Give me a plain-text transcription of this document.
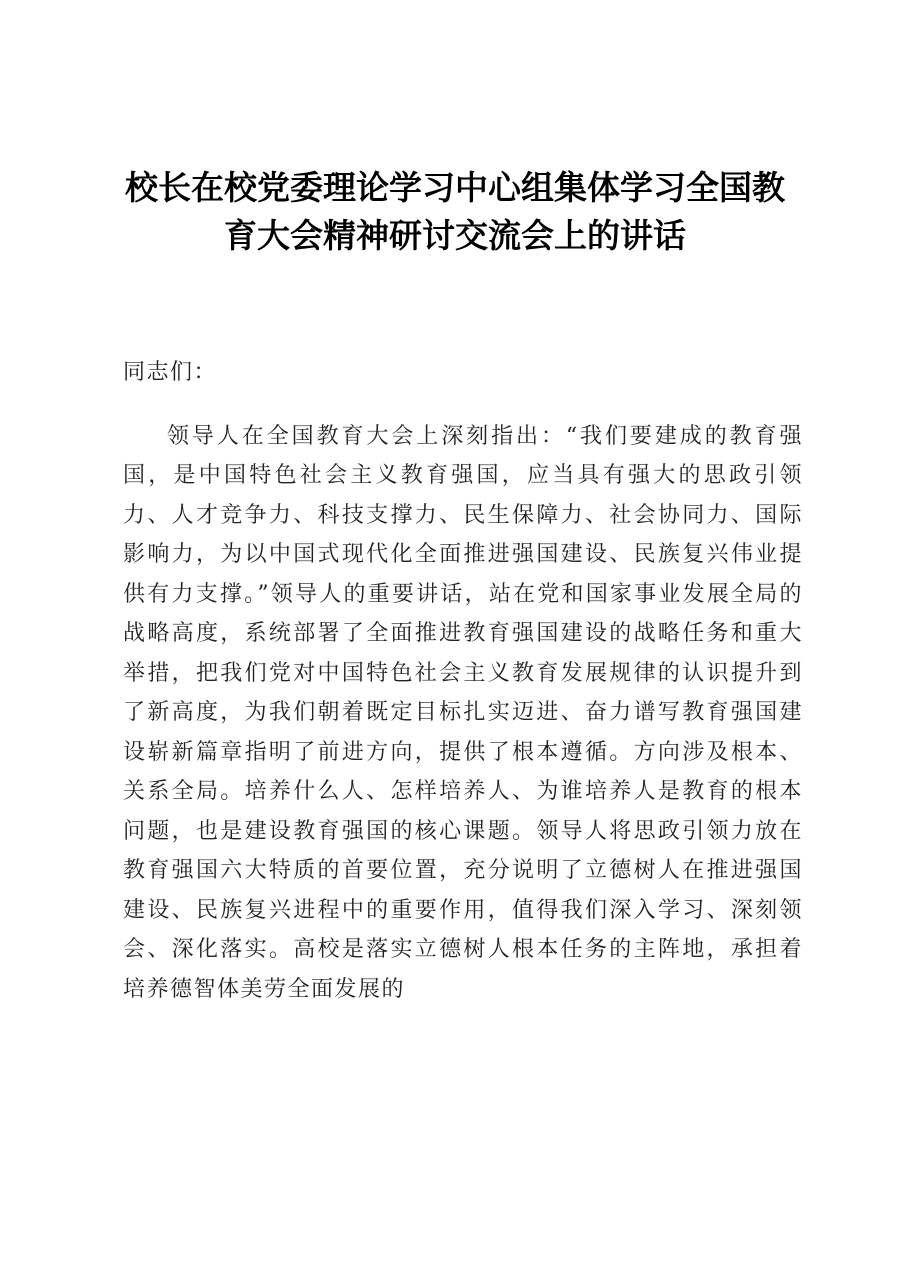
校长在校党委理论学习中心组集体学习全国教育大会精神研讨交流会上的讲话

同志们：

领导人在全国教育大会上深刻指出：“我们要建成的教育强国，是中国特色社会主义教育强国，应当具有强大的思政引领力、人才竞争力、科技支撑力、民生保障力、社会协同力、国际影响力，为以中国式现代化全面推进强国建设、民族复兴伟业提供有力支撑。”领导人的重要讲话，站在党和国家事业发展全局的战略高度，系统部署了全面推进教育强国建设的战略任务和重大举措，把我们党对中国特色社会主义教育发展规律的认识提升到了新高度，为我们朝着既定目标扎实迈进、奋力谱写教育强国建设崭新篇章指明了前进方向，提供了根本遵循。方向涉及根本、关系全局。培养什么人、怎样培养人、为谁培养人是教育的根本问题，也是建设教育强国的核心课题。领导人将思政引领力放在教育强国六大特质的首要位置，充分说明了立德树人在推进强国建设、民族复兴进程中的重要作用，值得我们深入学习、深刻领会、深化落实。高校是落实立德树人根本任务的主阵地，承担着培养德智体美劳全面发展的
